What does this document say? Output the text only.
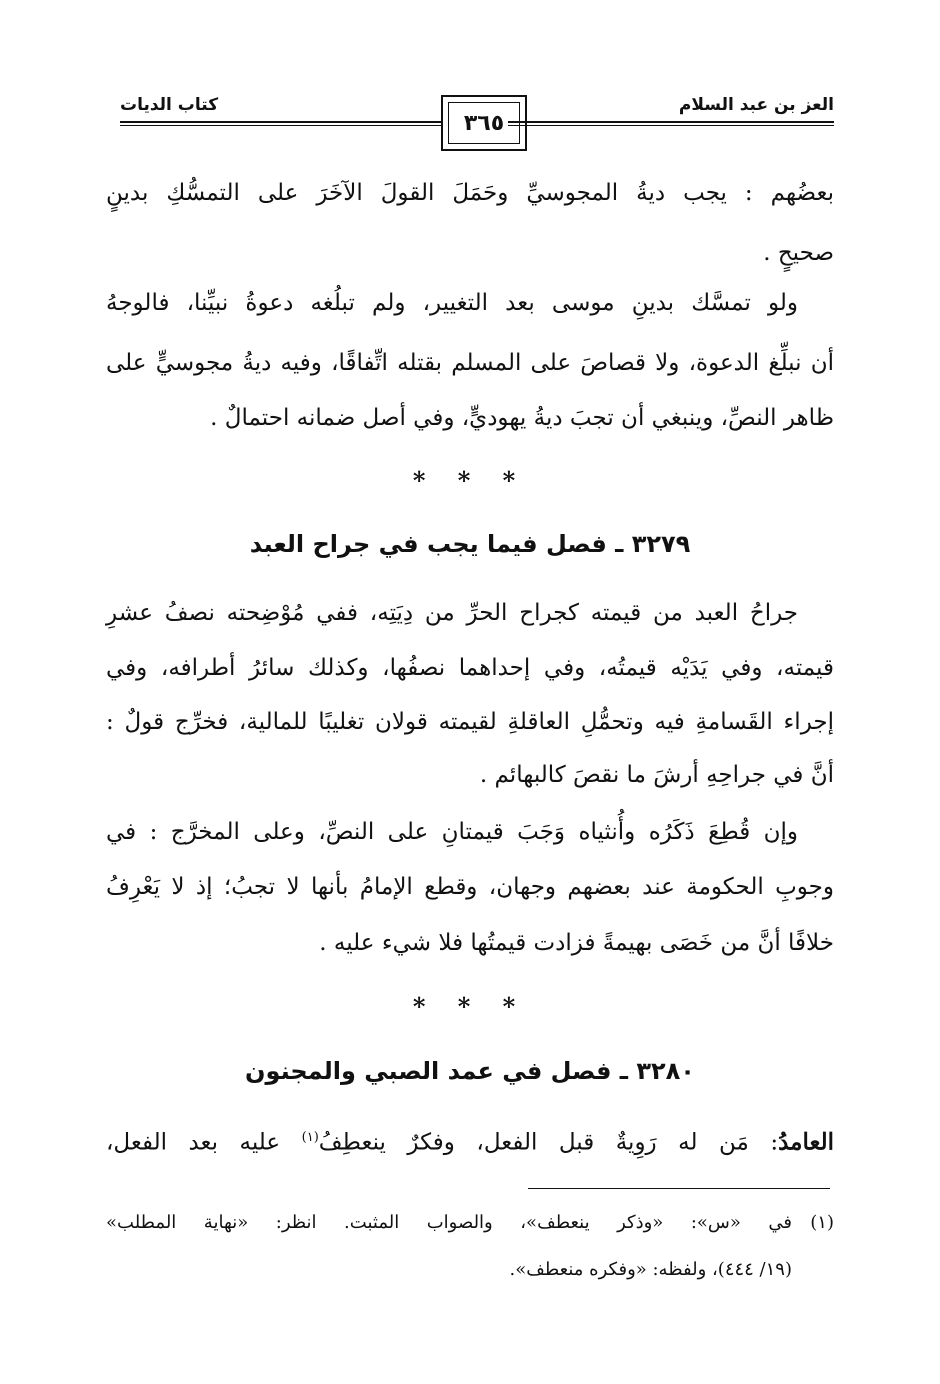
العز بن عبد السلام
كتاب الديات
٣٦٥
بعضُهم : يجب ديةُ المجوسيِّ وحَمَلَ القولَ الآخَرَ على التمسُّكِ بدينٍ
صحيحٍ .
ولو تمسَّك بدينِ موسى بعد التغيير، ولم تبلُغه دعوةُ نبيِّنا، فالوجهُ
أن نبلِّغ الدعوة، ولا قصاصَ على المسلم بقتله اتِّفاقًا، وفيه ديةُ مجوسيٍّ على
ظاهر النصِّ، وينبغي أن تجبَ ديةُ يهوديٍّ، وفي أصل ضمانه احتمالٌ .
* * *
٣٢٧٩ ـ فصل فيما يجب في جراح العبد
جراحُ العبد من قيمته كجراح الحرِّ من دِيَتِه، ففي مُوْضِحته نصفُ عشرِ
قيمته، وفي يَدَيْه قيمتُه، وفي إحداهما نصفُها، وكذلك سائرُ أطرافه، وفي
إجراء القَسامةِ فيه وتحمُّلِ العاقلةِ لقيمته قولان تغليبًا للمالية، فخرِّج قولٌ :
أنَّ في جراحِهِ أرشَ ما نقصَ كالبهائم .
وإن قُطِعَ ذَكَرُه وأُنثياه وَجَبَ قيمتانِ على النصِّ، وعلى المخرَّج : في
وجوبِ الحكومة عند بعضهم وجهان، وقطع الإمامُ بأنها لا تجبُ؛ إذ لا يَعْرِفُ
خلافًا أنَّ من خَصَى بهيمةً فزادت قيمتُها فلا شيء عليه .
* * *
٣٢٨٠ ـ فصل في عمد الصبي والمجنون
العامدُ: مَن له رَوِيةٌ قبل الفعل، وفكرٌ ينعطِفُ$^{(١)}$ عليه بعد الفعل،
(١)في «س»: «وذكر ينعطف»، والصواب المثبت. انظر: «نهاية المطلب»
(١٩/ ٤٤٤)، ولفظه: «وفكره منعطف».
